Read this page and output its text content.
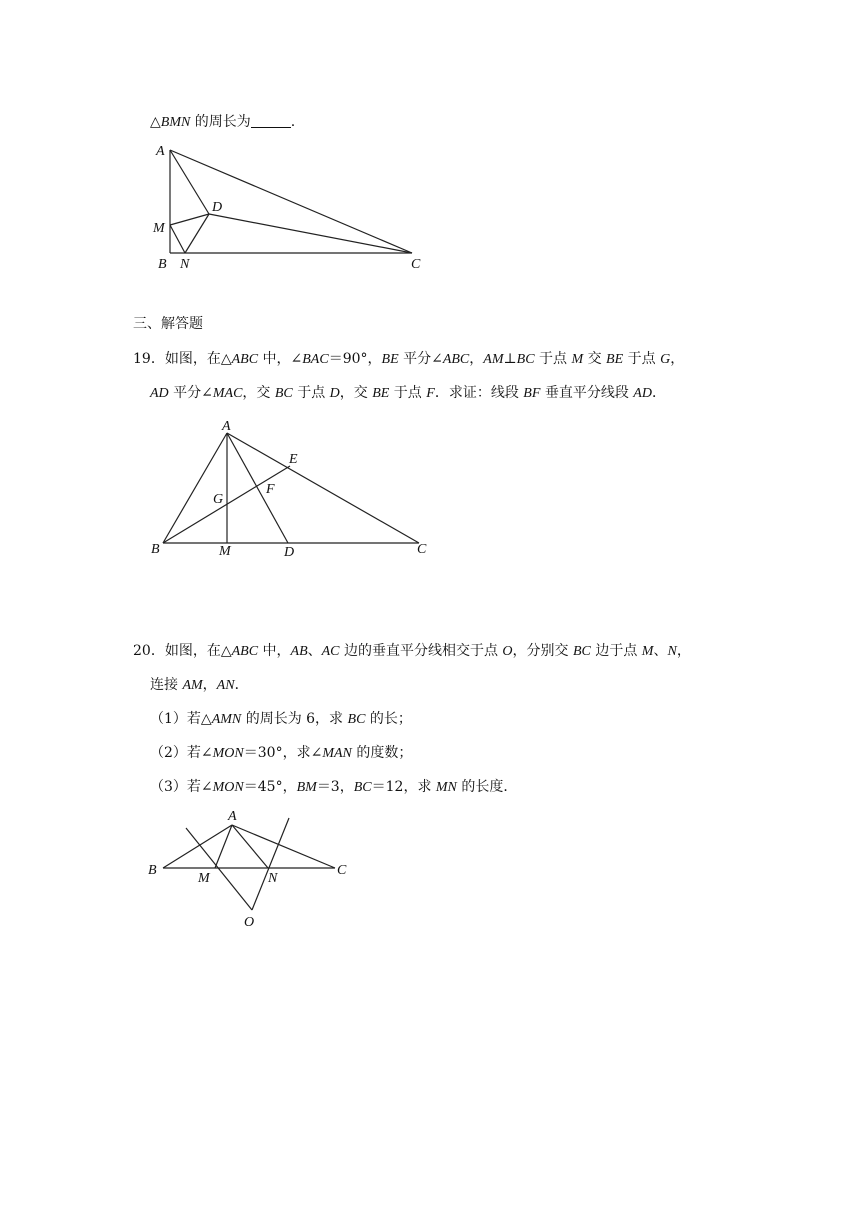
△BMN 的周长为	.
A
D
M
B N	C
三、解答题
19．如图，在△ABC 中，∠BAC＝90°，BE 平分∠ABC，AM⊥BC 于点 M 交 BE 于点 G，
AD 平分∠MAC，交 BC 于点 D，交 BE 于点 F．求证：线段 BF 垂直平分线段 AD．
A
E
F
G
B	M	D	C
20．如图，在△ABC 中，AB、AC 边的垂直平分线相交于点 O，分别交 BC 边于点 M、N，
连接 AM，AN．
（1）若△AMN 的周长为 6，求 BC 的长；
（2）若∠MON＝30°，求∠MAN 的度数；
（3）若∠MON＝45°，BM＝3，BC＝12，求 MN 的长度．
A
B
M	N
C
O
